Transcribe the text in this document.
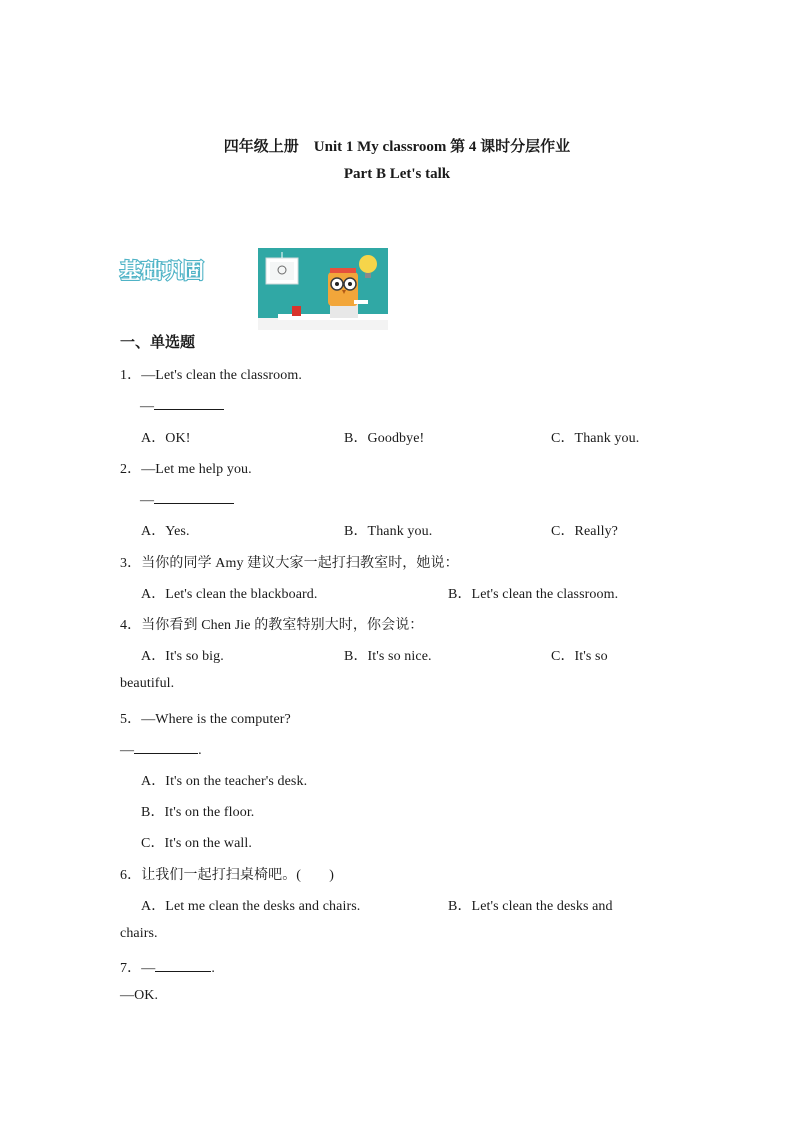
四年级上册　Unit 1 My classroom 第 4 课时分层作业
Part B Let's talk
基础巩固
一、单选题
1．—Let's clean the classroom.
—
A．OK!	B．Goodbye!	C．Thank you.
2．—Let me help you.
—
A．Yes.	B．Thank you.	C．Really?
3．当你的同学 Amy 建议大家一起打扫教室时，她说：
A．Let's clean the blackboard.	B．Let's clean the classroom.
4．当你看到 Chen Jie 的教室特别大时，你会说：
A．It's so big.	B．It's so nice.	C．It's so
beautiful.
5．—Where is the computer?
—	.
A．It's on the teacher's desk.
B．It's on the floor.
C．It's on the wall.
6．让我们一起打扫桌椅吧。(　　)
A．Let me clean the desks and chairs.	B．Let's clean the desks and
chairs.
7．—	.
—OK.
